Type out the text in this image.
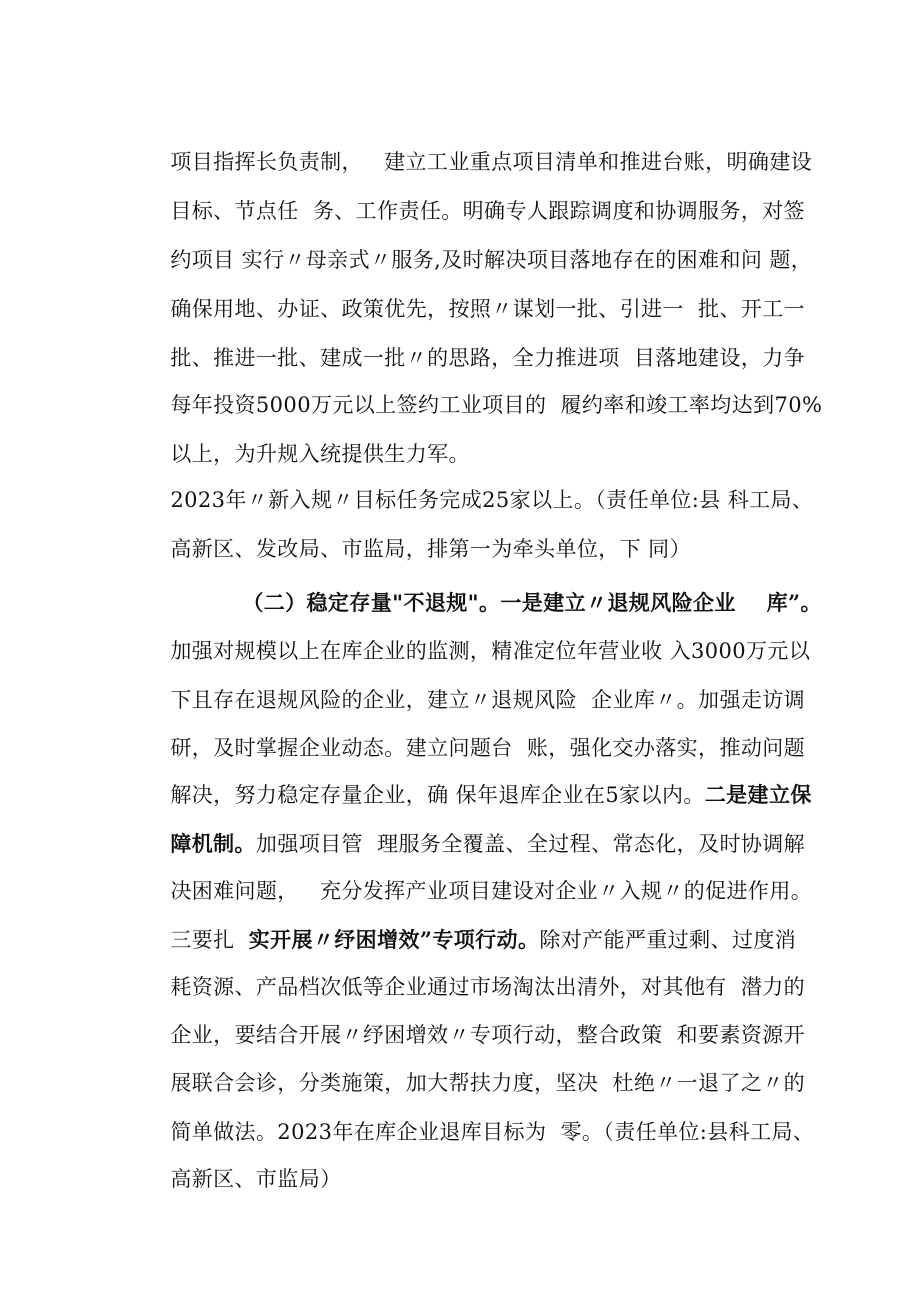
项目指挥长负责制，   建立工业重点项目清单和推进台账，明确建设

目标、节点任  务、工作责任。明确专人跟踪调度和协调服务，对签

约项目 实行〃母亲式〃服务,及时解决项目落地存在的困难和问 题，

确保用地、办证、政策优先，按照〃谋划一批、引进一  批、开工一

批、推进一批、建成一批〃的思路，全力推进项  目落地建设，力争

每年投资5000万元以上签约工业项目的  履约率和竣工率均达到70%

以上，为升规入统提供生力军。

2023年〃新入规〃目标任务完成25家以上。（责任单位:县 科工局、

高新区、发改局、市监局，排第一为牵头单位，下 同）

（二）稳定存量"不退规"。一是建立〃退规风险企业    库”。

加强对规模以上在库企业的监测，精准定位年营业收 入3000万元以

下且存在退规风险的企业，建立〃退规风险  企业库〃。加强走访调

研，及时掌握企业动态。建立问题台  账，强化交办落实，推动问题

解决，努力稳定存量企业，确 保年退库企业在5家以内。二是建立保

障机制。加强项目管  理服务全覆盖、全过程、常态化，及时协调解

决困难问题，   充分发挥产业项目建设对企业〃入规〃的促进作用。

三要扎  实开展〃纾困增效”专项行动。除对产能严重过剩、过度消

耗资源、产品档次低等企业通过市场淘汰出清外，对其他有  潜力的

企业，要结合开展〃纾困增效〃专项行动，整合政策  和要素资源开

展联合会诊，分类施策，加大帮扶力度，坚决  杜绝〃一退了之〃的

简单做法。2023年在库企业退库目标为  零。（责任单位:县科工局、

高新区、市监局）
